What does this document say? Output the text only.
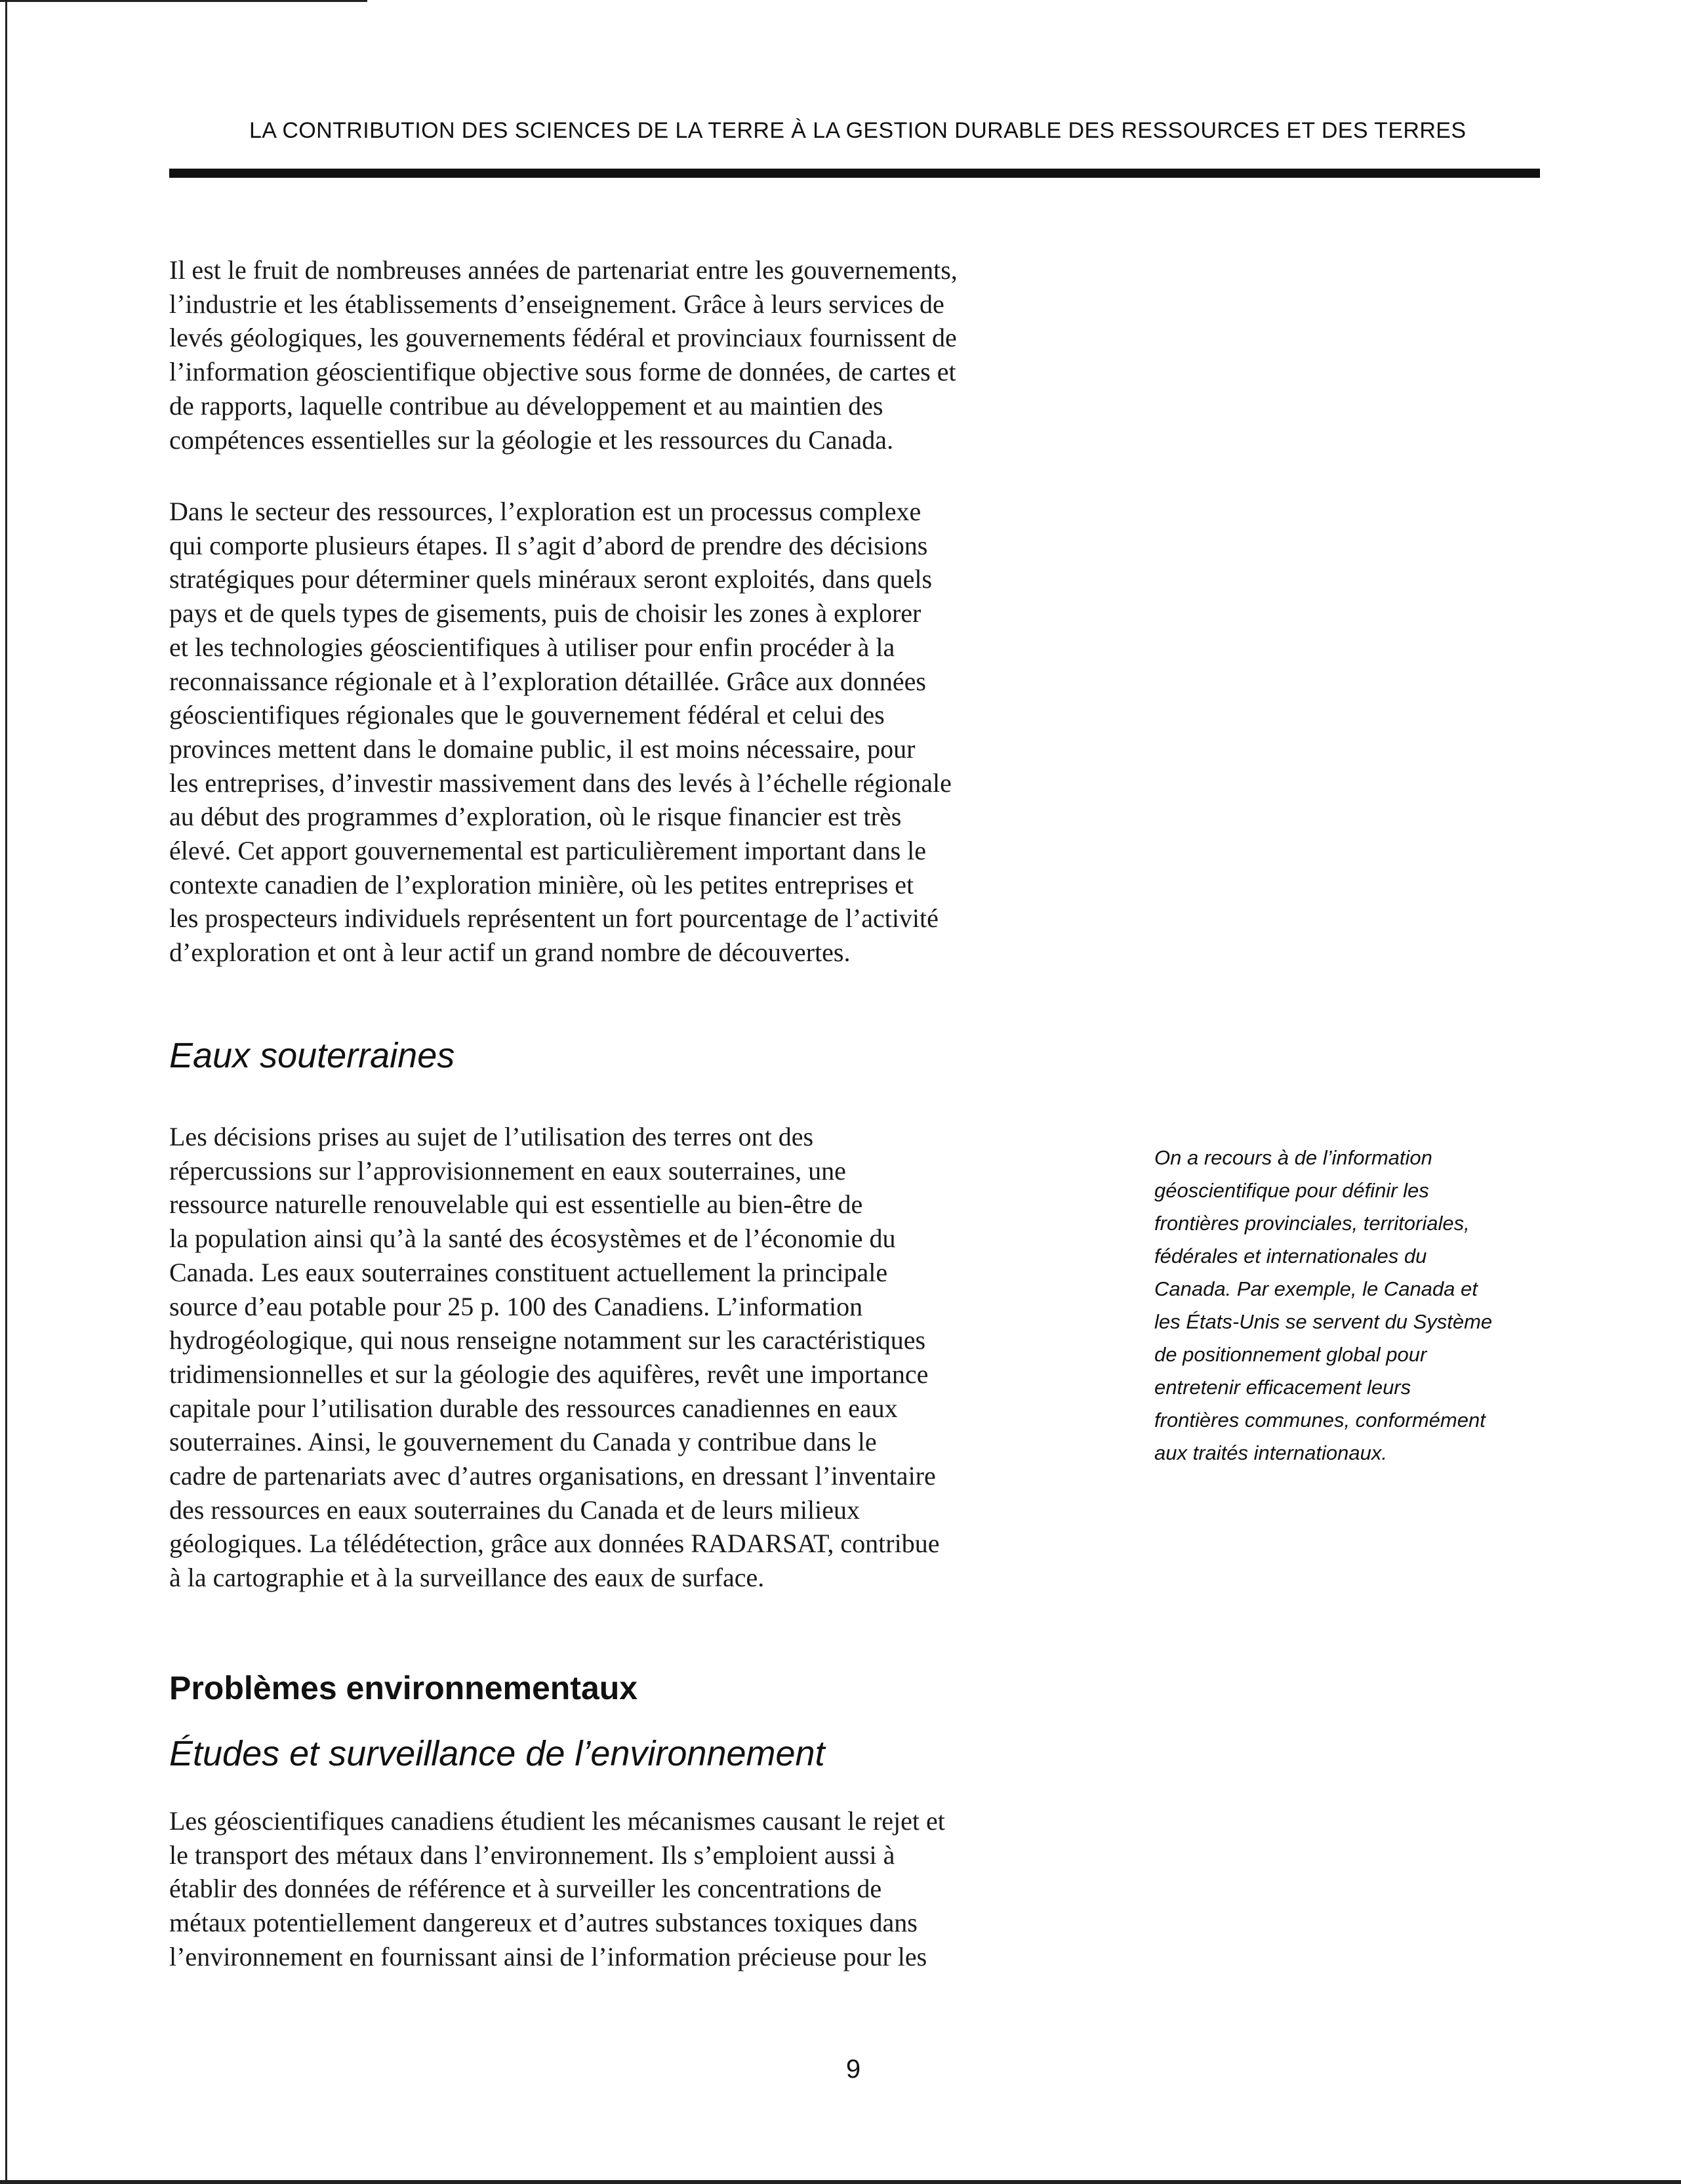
LA CONTRIBUTION DES SCIENCES DE LA TERRE À LA GESTION DURABLE DES RESSOURCES ET DES TERRES

Il est le fruit de nombreuses années de partenariat entre les gouvernements,

l’industrie et les établissements d’enseignement. Grâce à leurs services de

levés géologiques, les gouvernements fédéral et provinciaux fournissent de

l’information géoscientifique objective sous forme de données, de cartes et

de rapports, laquelle contribue au développement et au maintien des

compétences essentielles sur la géologie et les ressources du Canada.

Dans le secteur des ressources, l’exploration est un processus complexe

qui comporte plusieurs étapes. Il s’agit d’abord de prendre des décisions

stratégiques pour déterminer quels minéraux seront exploités, dans quels

pays et de quels types de gisements, puis de choisir les zones à explorer

et les technologies géoscientifiques à utiliser pour enfin procéder à la

reconnaissance régionale et à l’exploration détaillée. Grâce aux données

géoscientifiques régionales que le gouvernement fédéral et celui des

provinces mettent dans le domaine public, il est moins nécessaire, pour

les entreprises, d’investir massivement dans des levés à l’échelle régionale

au début des programmes d’exploration, où le risque financier est très

élevé. Cet apport gouvernemental est particulièrement important dans le

contexte canadien de l’exploration minière, où les petites entreprises et

les prospecteurs individuels représentent un fort pourcentage de l’activité

d’exploration et ont à leur actif un grand nombre de découvertes.

Eaux souterraines

Les décisions prises au sujet de l’utilisation des terres ont des

répercussions sur l’approvisionnement en eaux souterraines, une

ressource naturelle renouvelable qui est essentielle au bien-être de

la population ainsi qu’à la santé des écosystèmes et de l’économie du

Canada. Les eaux souterraines constituent actuellement la principale

source d’eau potable pour 25 p. 100 des Canadiens. L’information

hydrogéologique, qui nous renseigne notamment sur les caractéristiques

tridimensionnelles et sur la géologie des aquifères, revêt une importance

capitale pour l’utilisation durable des ressources canadiennes en eaux

souterraines. Ainsi, le gouvernement du Canada y contribue dans le

cadre de partenariats avec d’autres organisations, en dressant l’inventaire

des ressources en eaux souterraines du Canada et de leurs milieux

géologiques. La télédétection, grâce aux données RADARSAT, contribue

à la cartographie et à la surveillance des eaux de surface.

On a recours à de l’information
géoscientifique pour définir les
frontières provinciales, territoriales,
fédérales et internationales du
Canada. Par exemple, le Canada et
les États-Unis se servent du Système
de positionnement global pour
entretenir efficacement leurs
frontières communes, conformément
aux traités internationaux.
Problèmes environnementaux
Études et surveillance de l’environnement

Les géoscientifiques canadiens étudient les mécanismes causant le rejet et

le transport des métaux dans l’environnement. Ils s’emploient aussi à

établir des données de référence et à surveiller les concentrations de

métaux potentiellement dangereux et d’autres substances toxiques dans

l’environnement en fournissant ainsi de l’information précieuse pour les

9
